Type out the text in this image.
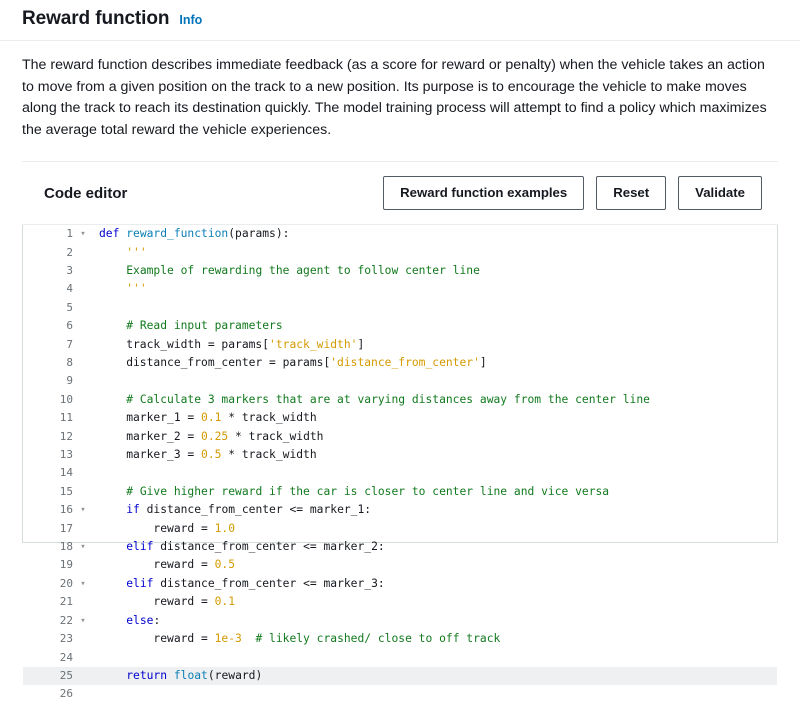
Reward function Info
The reward function describes immediate feedback (as a score for reward or penalty) when the vehicle takes an action to move from a given position on the track to a new position. Its purpose is to encourage the vehicle to make moves along the track to reach its destination quickly. The model training process will attempt to find a policy which maximizes the average total reward the vehicle experiences.
Code editor	Reward function examples	Reset	Validate
1	▾	def reward_function(params):
2		'''
3		Example of rewarding the agent to follow center line
4		'''
5		
6		# Read input parameters
7		track_width = params['track_width']
8		distance_from_center = params['distance_from_center']
9		
10		# Calculate 3 markers that are at varying distances away from the center line
11		marker_1 = 0.1 * track_width
12		marker_2 = 0.25 * track_width
13		marker_3 = 0.5 * track_width
14		
15		# Give higher reward if the car is closer to center line and vice versa
16	▾	if distance_from_center <= marker_1:
17		reward = 1.0
18	▾	elif distance_from_center <= marker_2:
19		reward = 0.5
20	▾	elif distance_from_center <= marker_3:
21		reward = 0.1
22	▾	else:
23		reward = 1e-3 # likely crashed/ close to off track
24		
25		return float(reward)
26		
